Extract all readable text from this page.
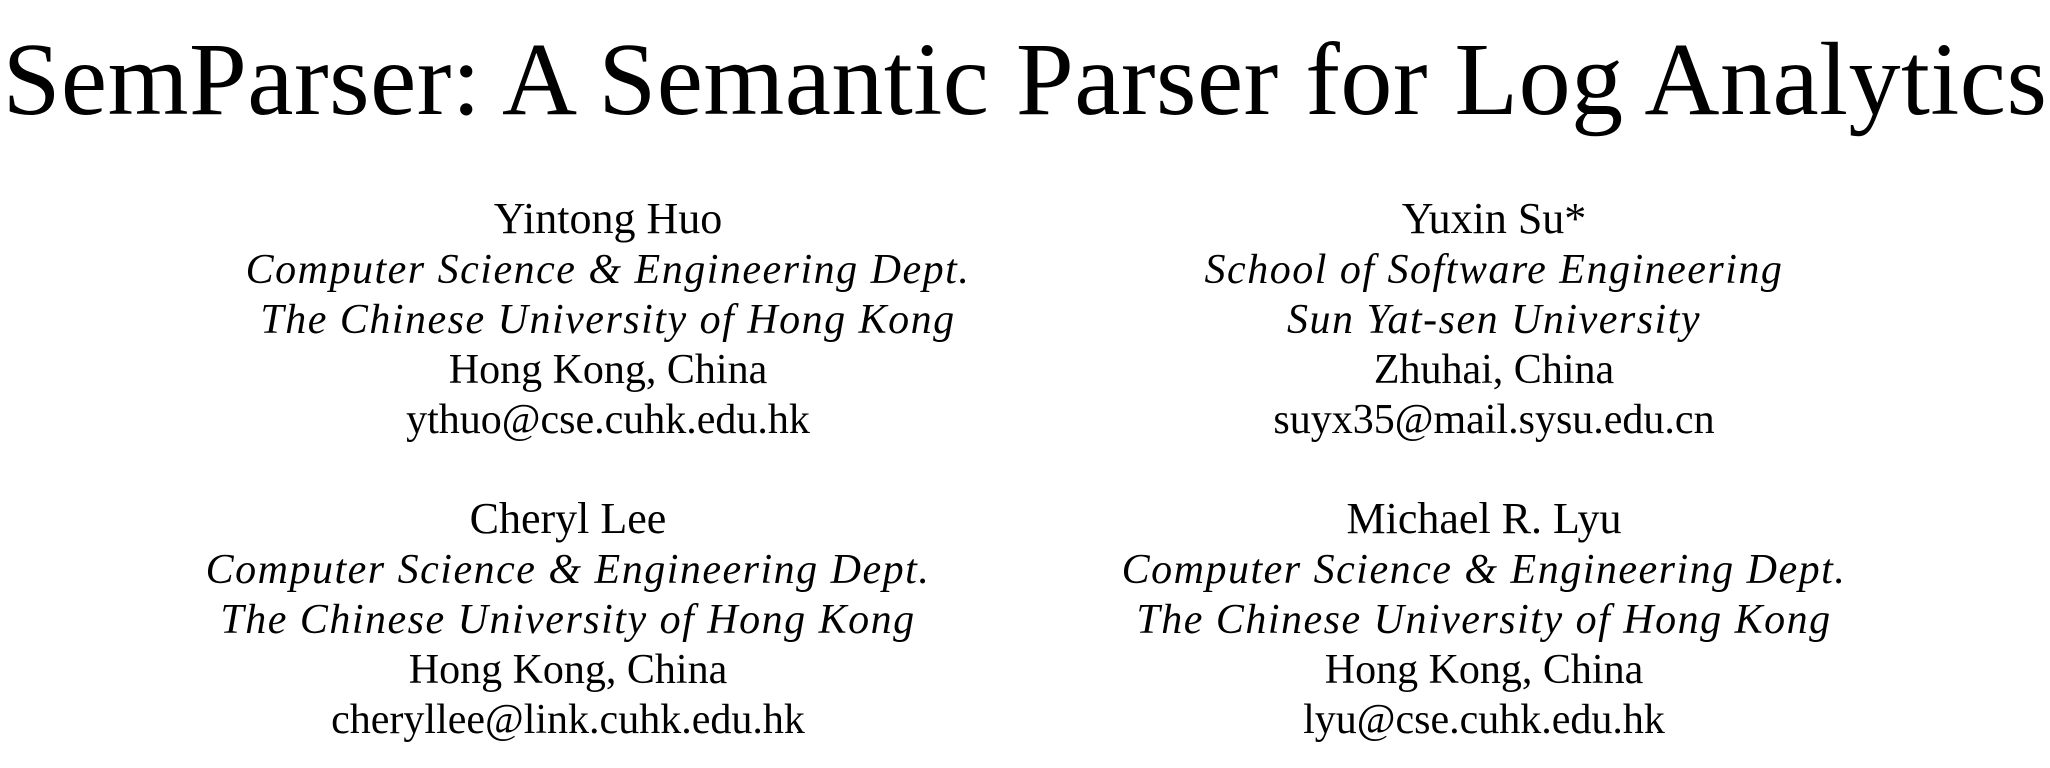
SemParser: A Semantic Parser for Log Analytics
Yintong Huo
Computer Science & Engineering Dept.
The Chinese University of Hong Kong
Hong Kong, China
ythuo@cse.cuhk.edu.hk
Yuxin Su*
School of Software Engineering
Sun Yat-sen University
Zhuhai, China
suyx35@mail.sysu.edu.cn
Cheryl Lee
Computer Science & Engineering Dept.
The Chinese University of Hong Kong
Hong Kong, China
cheryllee@link.cuhk.edu.hk
Michael R. Lyu
Computer Science & Engineering Dept.
The Chinese University of Hong Kong
Hong Kong, China
lyu@cse.cuhk.edu.hk
